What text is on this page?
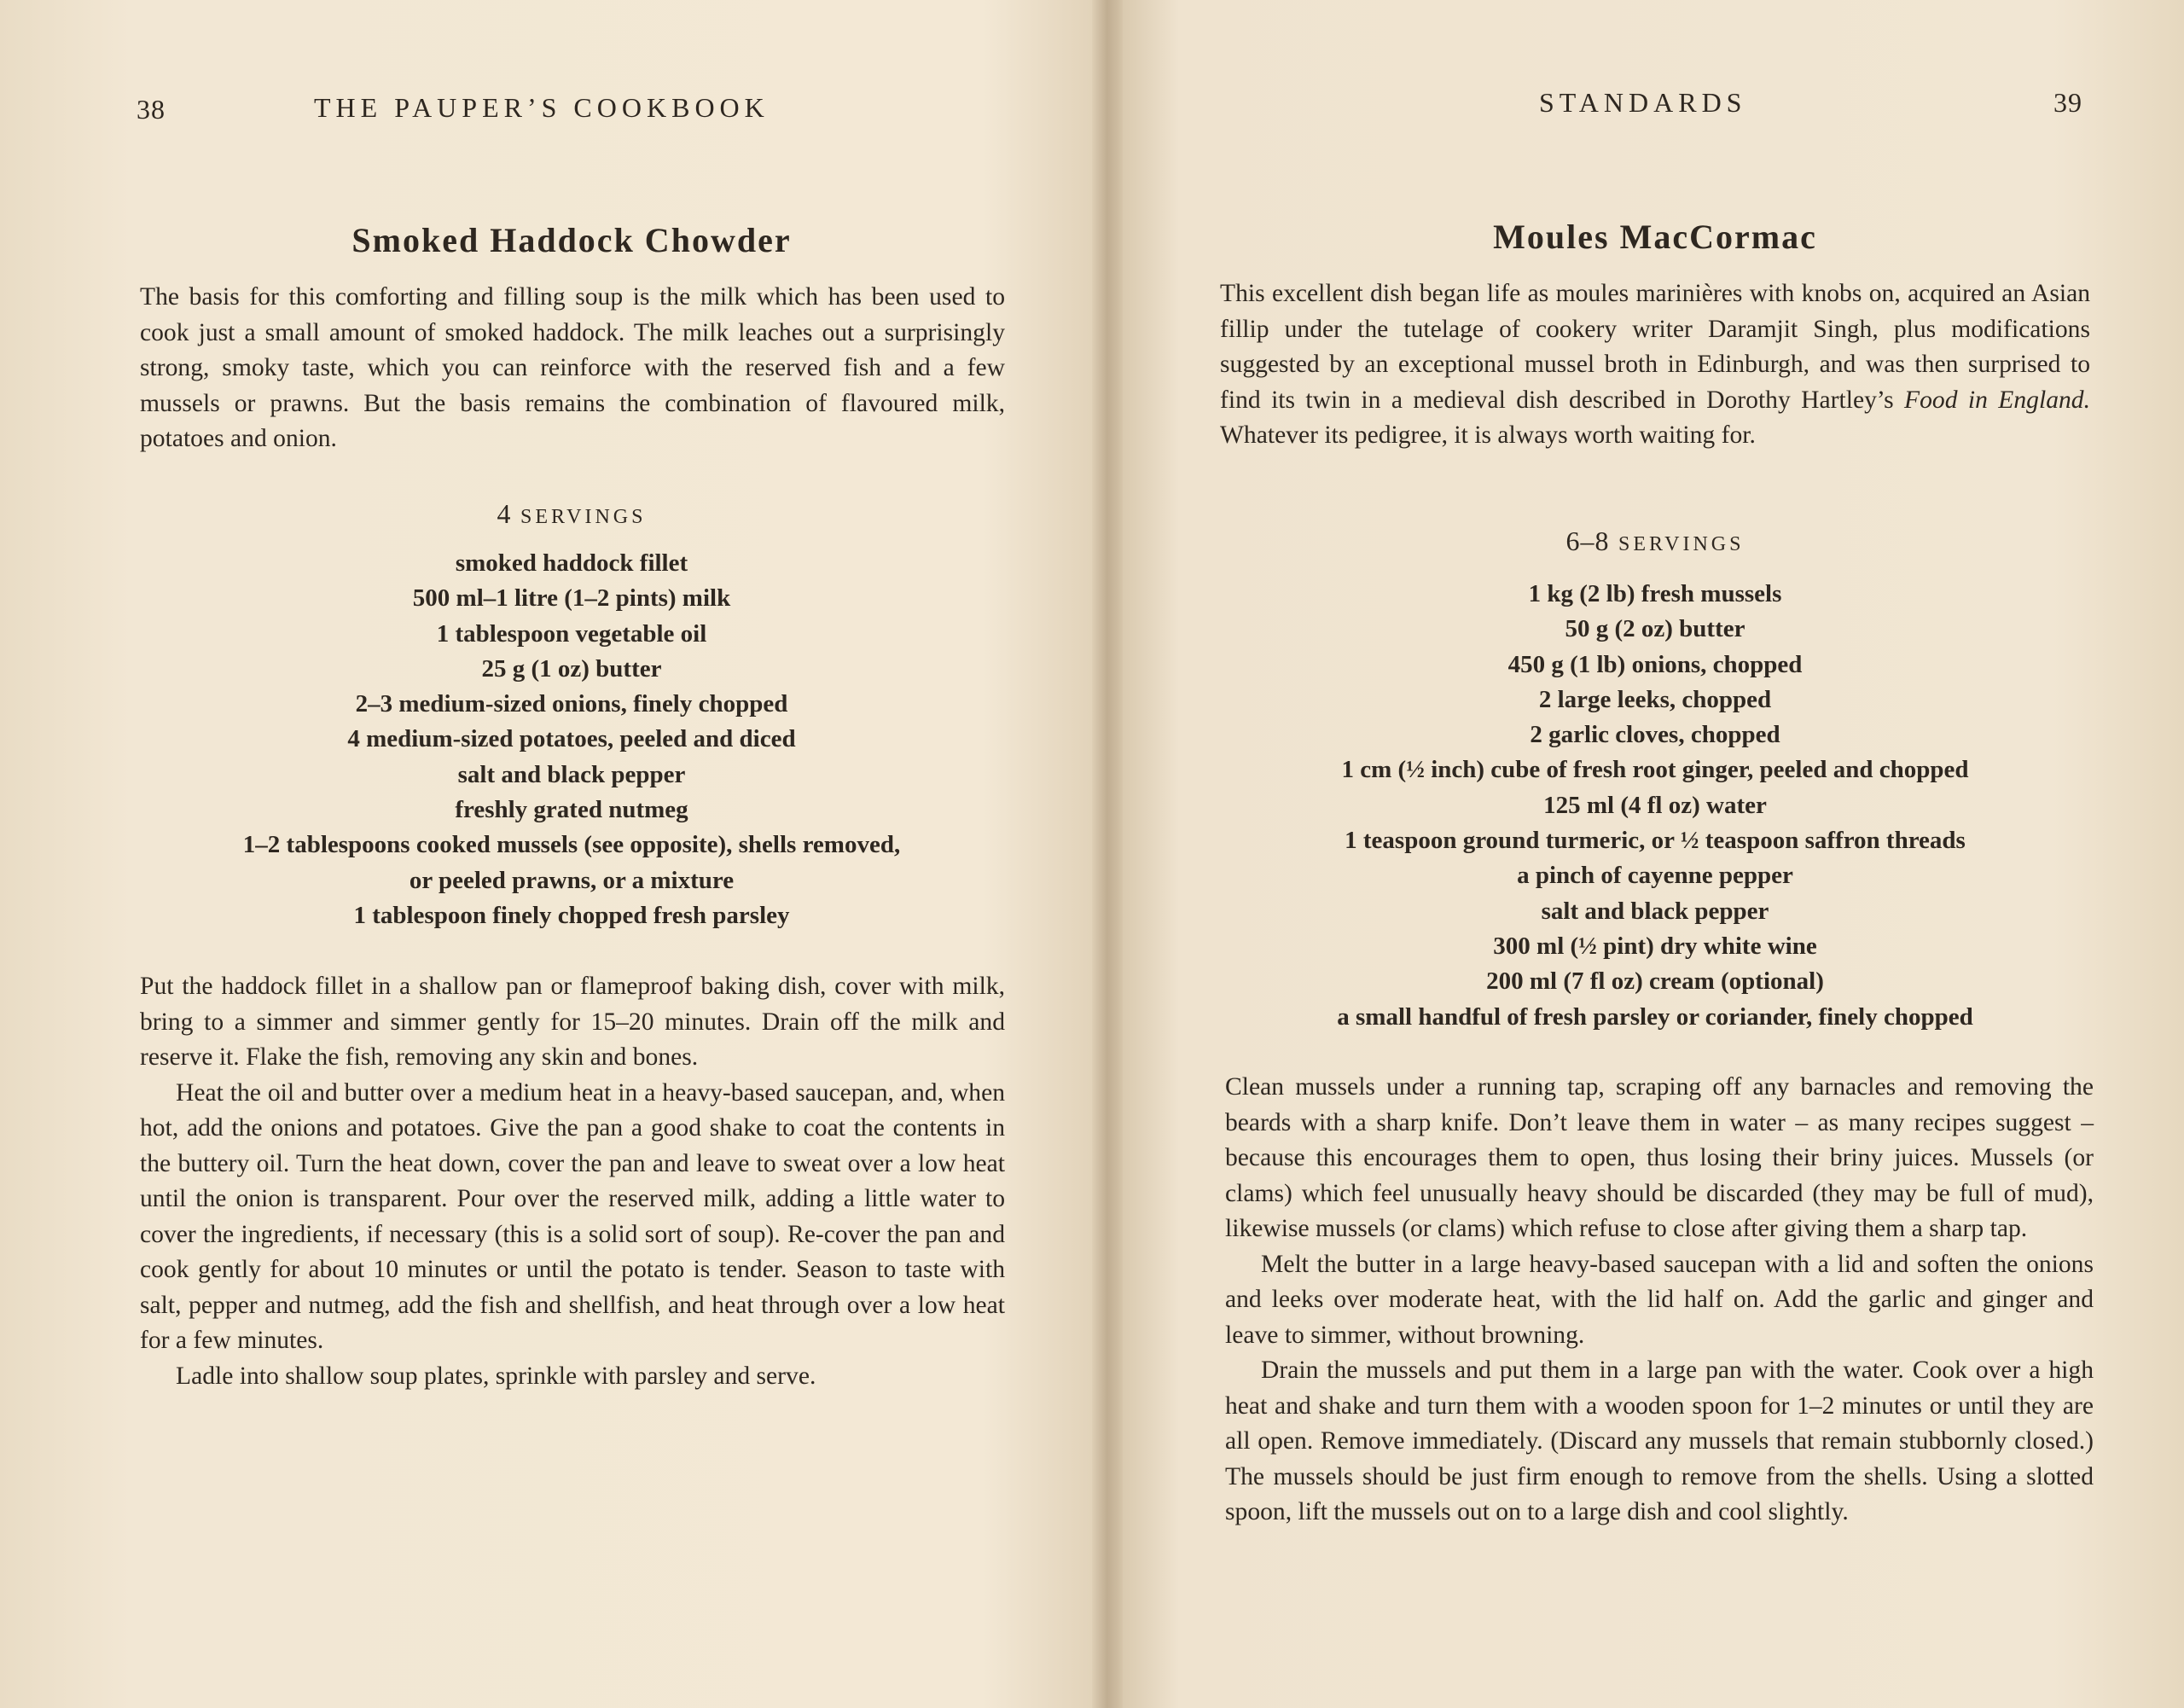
38	THE PAUPER’S COOKBOOK
Smoked Haddock Chowder

The basis for this comforting and filling soup is the milk which has been used to cook just a small amount of smoked haddock. The milk leaches out a surprisingly strong, smoky taste, which you can reinforce with the reserved fish and a few mussels or prawns. But the basis remains the combination of flavoured milk, potatoes and onion.

4 SERVINGS
smoked haddock fillet
500 ml–1 litre (1–2 pints) milk
1 tablespoon vegetable oil
25 g (1 oz) butter
2–3 medium-sized onions, finely chopped
4 medium-sized potatoes, peeled and diced
salt and black pepper
freshly grated nutmeg
1–2 tablespoons cooked mussels (see opposite), shells removed,
or peeled prawns, or a mixture
1 tablespoon finely chopped fresh parsley

Put the haddock fillet in a shallow pan or flameproof baking dish, cover with milk, bring to a simmer and simmer gently for 15–20 minutes. Drain off the milk and reserve it. Flake the fish, removing any skin and bones.

Heat the oil and butter over a medium heat in a heavy-based saucepan, and, when hot, add the onions and potatoes. Give the pan a good shake to coat the contents in the buttery oil. Turn the heat down, cover the pan and leave to sweat over a low heat until the onion is transparent. Pour over the reserved milk, adding a little water to cover the ingredients, if necessary (this is a solid sort of soup). Re-cover the pan and cook gently for about 10 minutes or until the potato is tender. Season to taste with salt, pepper and nutmeg, add the fish and shellfish, and heat through over a low heat for a few minutes.

Ladle into shallow soup plates, sprinkle with parsley and serve.

STANDARDS	39
Moules MacCormac

This excellent dish began life as moules marinières with knobs on, acquired an Asian fillip under the tutelage of cookery writer Daramjit Singh, plus modifications suggested by an exceptional mussel broth in Edinburgh, and was then surprised to find its twin in a medieval dish described in Dorothy Hartley’s Food in England. Whatever its pedigree, it is always worth waiting for.

6–8 SERVINGS
1 kg (2 lb) fresh mussels
50 g (2 oz) butter
450 g (1 lb) onions, chopped
2 large leeks, chopped
2 garlic cloves, chopped
1 cm (½ inch) cube of fresh root ginger, peeled and chopped
125 ml (4 fl oz) water
1 teaspoon ground turmeric, or ½ teaspoon saffron threads
a pinch of cayenne pepper
salt and black pepper
300 ml (½ pint) dry white wine
200 ml (7 fl oz) cream (optional)
a small handful of fresh parsley or coriander, finely chopped

Clean mussels under a running tap, scraping off any barnacles and removing the beards with a sharp knife. Don’t leave them in water – as many recipes suggest – because this encourages them to open, thus losing their briny juices. Mussels (or clams) which feel unusually heavy should be discarded (they may be full of mud), likewise mussels (or clams) which refuse to close after giving them a sharp tap.

Melt the butter in a large heavy-based saucepan with a lid and soften the onions and leeks over moderate heat, with the lid half on. Add the garlic and ginger and leave to simmer, without browning.

Drain the mussels and put them in a large pan with the water. Cook over a high heat and shake and turn them with a wooden spoon for 1–2 minutes or until they are all open. Remove immediately. (Discard any mussels that remain stubbornly closed.) The mussels should be just firm enough to remove from the shells. Using a slotted spoon, lift the mussels out on to a large dish and cool slightly.
